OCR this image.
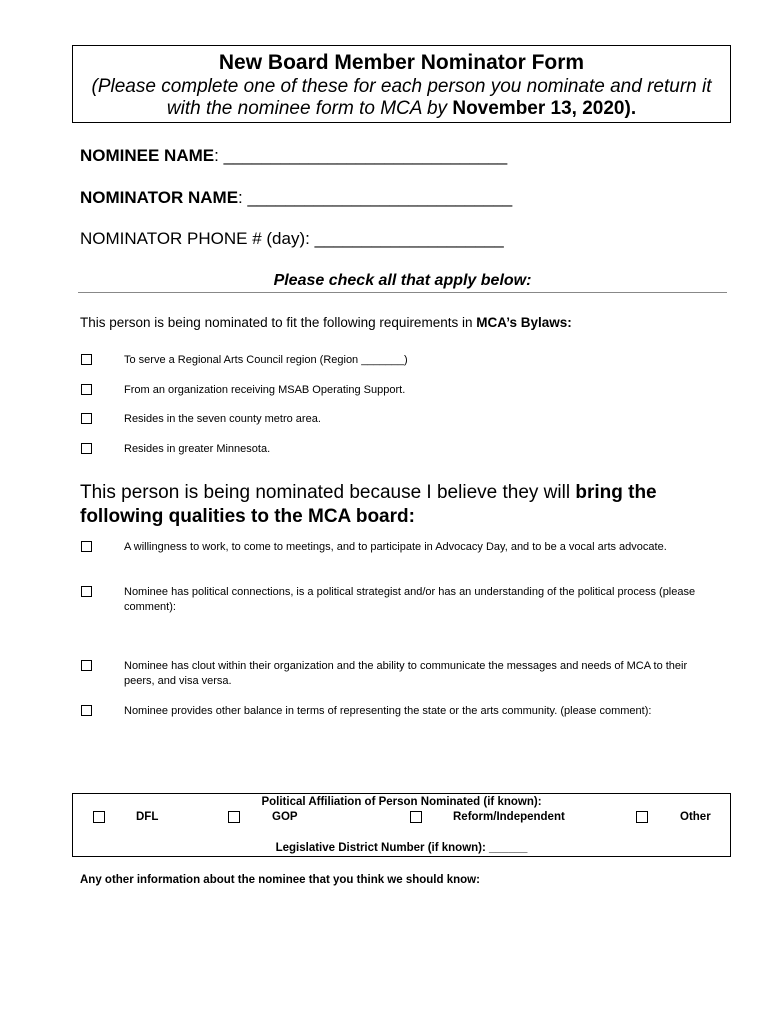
New Board Member Nominator Form
(Please complete one of these for each person you nominate and return it with the nominee form to MCA by November 13, 2020).
NOMINEE NAME: ______________________________
NOMINATOR NAME: ____________________________
NOMINATOR PHONE # (day): ____________________
Please check all that apply below:
This person is being nominated to fit the following requirements in MCA’s Bylaws:
To serve a Regional Arts Council region (Region _______)
From an organization receiving MSAB Operating Support.
Resides in the seven county metro area.
Resides in greater Minnesota.
This person is being nominated because I believe they will bring the following qualities to the MCA board:
A willingness to work, to come to meetings, and to participate in Advocacy Day, and to be a vocal arts advocate.
Nominee has political connections, is a political strategist and/or has an understanding of the political process (please comment):
Nominee has clout within their organization and the ability to communicate the messages and needs of MCA to their peers, and visa versa.
Nominee provides other balance in terms of representing the state or the arts community. (please comment):
Political Affiliation of Person Nominated (if known):
DFL	GOP	Reform/Independent	Other
Legislative District Number (if known): ______
Any other information about the nominee that you think we should know:
